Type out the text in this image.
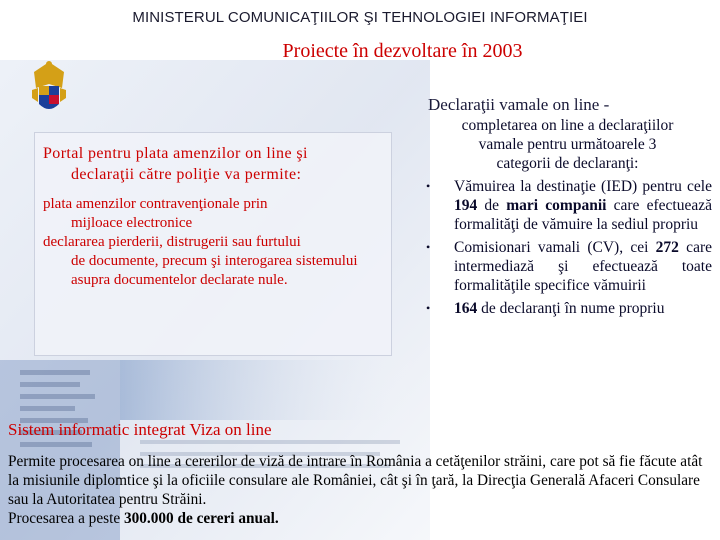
MINISTERUL COMUNICAŢIILOR ŞI TEHNOLOGIEI INFORMAŢIEI
Proiecte în dezvoltare în 2003
Portal pentru plata amenzilor on line şi
declaraţii către poliţie va permite:
plata amenzilor contravenţionale prin
mijloace electronice
declararea pierderii, distrugerii sau furtului
de documente, precum şi interogarea sistemului asupra documentelor declarate nule.
Declaraţii vamale on line -
completarea on line a declaraţiilor vamale pentru următoarele 3 categorii de declaranţi:
• Vămuirea la destinaţie (IED) pentru cele 194 de mari companii care efectuează formalităţi de vămuire la sediul propriu
• Comisionari vamali (CV), cei 272 care intermediază şi efectuează toate formalităţile specifice vămuirii
• 164 de declaranţi în nume propriu
Sistem informatic integrat Viza on line
Permite procesarea on line a cererilor de viză de intrare în România a cetăţenilor străini, care pot să fie făcute atât la misiunile diplomtice şi la oficiile consulare ale României, cât şi în ţară, la Direcţia Generală Afaceri Consulare sau la Autoritatea pentru Străini.
Procesarea a peste 300.000 de cereri anual.
